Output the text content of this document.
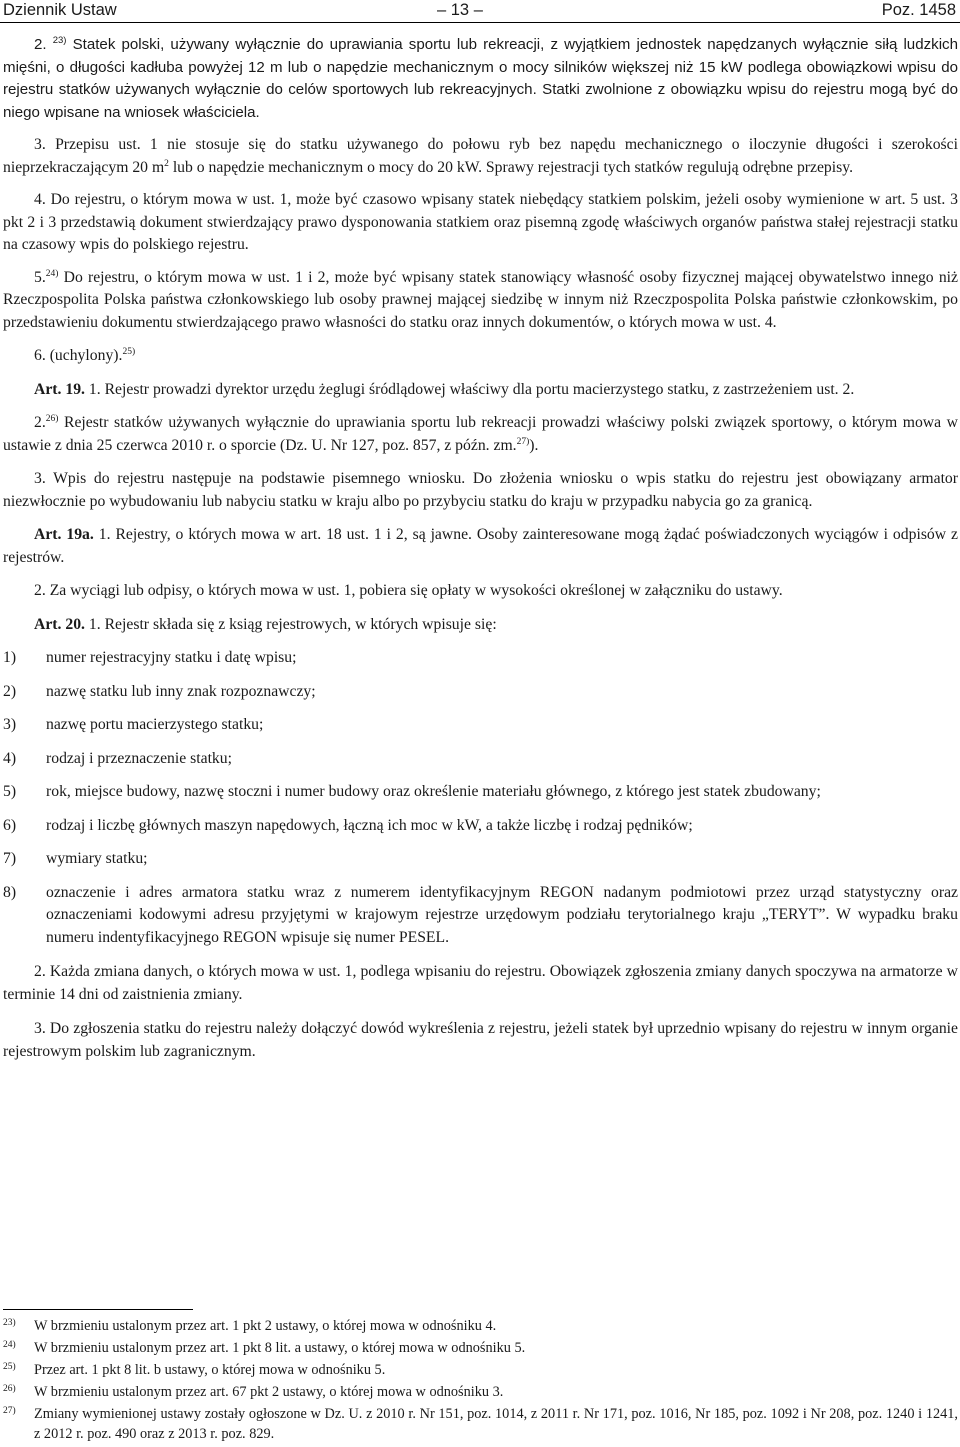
Dziennik Ustaw	– 13 –	Poz. 1458

2. $^{23)}$ Statek polski, używany wyłącznie do uprawiania sportu lub rekreacji, z wyjątkiem jednostek napędzanych wyłącznie siłą ludzkich mięśni, o długości kadłuba powyżej 12 m lub o napędzie mechanicznym o mocy silników większej niż 15 kW podlega obowiązkowi wpisu do rejestru statków używanych wyłącznie do celów sportowych lub rekreacyjnych. Statki zwolnione z obowiązku wpisu do rejestru mogą być do niego wpisane na wniosek właściciela.

3. Przepisu ust. 1 nie stosuje się do statku używanego do połowu ryb bez napędu mechanicznego o iloczynie długości i szerokości nieprzekraczającym 20 $m^2$ lub o napędzie mechanicznym o mocy do 20 kW. Sprawy rejestracji tych statków regulują odrębne przepisy.

4. Do rejestru, o którym mowa w ust. 1, może być czasowo wpisany statek niebędący statkiem polskim, jeżeli osoby wymienione w art. 5 ust. 3 pkt 2 i 3 przedstawią dokument stwierdzający prawo dysponowania statkiem oraz pisemną zgodę właściwych organów państwa stałej rejestracji statku na czasowy wpis do polskiego rejestru.

5.$^{24)}$ Do rejestru, o którym mowa w ust. 1 i 2, może być wpisany statek stanowiący własność osoby fizycznej mającej obywatelstwo innego niż Rzeczpospolita Polska państwa członkowskiego lub osoby prawnej mającej siedzibę w innym niż Rzeczpospolita Polska państwie członkowskim, po przedstawieniu dokumentu stwierdzającego prawo własności do statku oraz innych dokumentów, o których mowa w ust. 4.

6. (uchylony).$^{25)}$

Art. 19. 1. Rejestr prowadzi dyrektor urzędu żeglugi śródlądowej właściwy dla portu macierzystego statku, z zastrzeżeniem ust. 2.

2.$^{26)}$ Rejestr statków używanych wyłącznie do uprawiania sportu lub rekreacji prowadzi właściwy polski związek sportowy, o którym mowa w ustawie z dnia 25 czerwca 2010 r. o sporcie (Dz. U. Nr 127, poz. 857, z późn. zm.$^{27)}$).

3. Wpis do rejestru następuje na podstawie pisemnego wniosku. Do złożenia wniosku o wpis statku do rejestru jest obowiązany armator niezwłocznie po wybudowaniu lub nabyciu statku w kraju albo po przybyciu statku do kraju w przypadku nabycia go za granicą.

Art. 19a. 1. Rejestry, o których mowa w art. 18 ust. 1 i 2, są jawne. Osoby zainteresowane mogą żądać poświadczonych wyciągów i odpisów z rejestrów.

2. Za wyciągi lub odpisy, o których mowa w ust. 1, pobiera się opłaty w wysokości określonej w załączniku do ustawy.

Art. 20. 1. Rejestr składa się z ksiąg rejestrowych, w których wpisuje się:

1) numer rejestracyjny statku i datę wpisu;
2) nazwę statku lub inny znak rozpoznawczy;
3) nazwę portu macierzystego statku;
4) rodzaj i przeznaczenie statku;
5) rok, miejsce budowy, nazwę stoczni i numer budowy oraz określenie materiału głównego, z którego jest statek zbudowany;
6) rodzaj i liczbę głównych maszyn napędowych, łączną ich moc w kW, a także liczbę i rodzaj pędników;
7) wymiary statku;
8) oznaczenie i adres armatora statku wraz z numerem identyfikacyjnym REGON nadanym podmiotowi przez urząd statystyczny oraz oznaczeniami kodowymi adresu przyjętymi w krajowym rejestrze urzędowym podziału terytorialnego kraju „TERYT”. W wypadku braku numeru indentyfikacyjnego REGON wpisuje się numer PESEL.

2. Każda zmiana danych, o których mowa w ust. 1, podlega wpisaniu do rejestru. Obowiązek zgłoszenia zmiany danych spoczywa na armatorze w terminie 14 dni od zaistnienia zmiany.

3. Do zgłoszenia statku do rejestru należy dołączyć dowód wykreślenia z rejestru, jeżeli statek był uprzednio wpisany do rejestru w innym organie rejestrowym polskim lub zagranicznym.

23) W brzmieniu ustalonym przez art. 1 pkt 2 ustawy, o której mowa w odnośniku 4.
24) W brzmieniu ustalonym przez art. 1 pkt 8 lit. a ustawy, o której mowa w odnośniku 5.
25) Przez art. 1 pkt 8 lit. b ustawy, o której mowa w odnośniku 5.
26) W brzmieniu ustalonym przez art. 67 pkt 2 ustawy, o której mowa w odnośniku 3.
27) Zmiany wymienionej ustawy zostały ogłoszone w Dz. U. z 2010 r. Nr 151, poz. 1014, z 2011 r. Nr 171, poz. 1016, Nr 185, poz. 1092 i Nr 208, poz. 1240 i 1241, z 2012 r. poz. 490 oraz z 2013 r. poz. 829.
